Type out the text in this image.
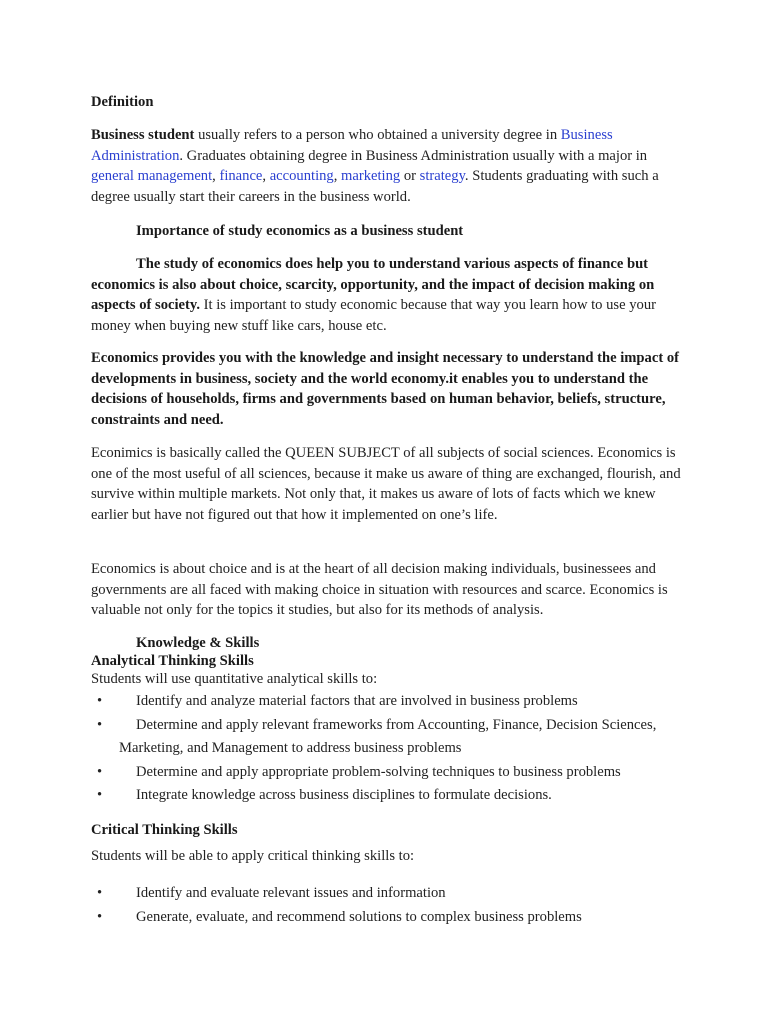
Definition

Business student usually refers to a person who obtained a university degree in Business Administration. Graduates obtaining degree in Business Administration usually with a major in general management, finance, accounting, marketing or strategy. Students graduating with such a degree usually start their careers in the business world.

Importance of study economics as a business student

The study of economics does help you to understand various aspects of finance but economics is also about choice, scarcity, opportunity, and the impact of decision making on aspects of society. It is important to study economic because that way you learn how to use your money when buying new stuff like cars, house etc.

Economics provides you with the knowledge and insight necessary to understand the impact of developments in business, society and the world economy.it enables you to understand the decisions of households, firms and governments based on human behavior, beliefs, structure, constraints and need.

Econimics is basically called the QUEEN SUBJECT of all subjects of social sciences. Economics is one of the most useful of all sciences, because it make us aware of thing are exchanged, flourish, and survive within multiple markets. Not only that, it makes us aware of lots of facts which we knew earlier but have not figured out that how it implemented on one’s life.

Economics is about choice and is at the heart of all decision making individuals, businessees and governments are all faced with making choice in situation with resources and scarce. Economics is valuable not only for the topics it studies, but also for its methods of analysis.

Knowledge & Skills

Analytical Thinking Skills

Students will use quantitative analytical skills to:

• Identify and analyze material factors that are involved in business problems
• Determine and apply relevant frameworks from Accounting, Finance, Decision Sciences,
Marketing, and Management to address business problems
• Determine and apply appropriate problem-solving techniques to business problems
• Integrate knowledge across business disciplines to formulate decisions.

Critical Thinking Skills

Students will be able to apply critical thinking skills to:

• Identify and evaluate relevant issues and information
• Generate, evaluate, and recommend solutions to complex business problems
